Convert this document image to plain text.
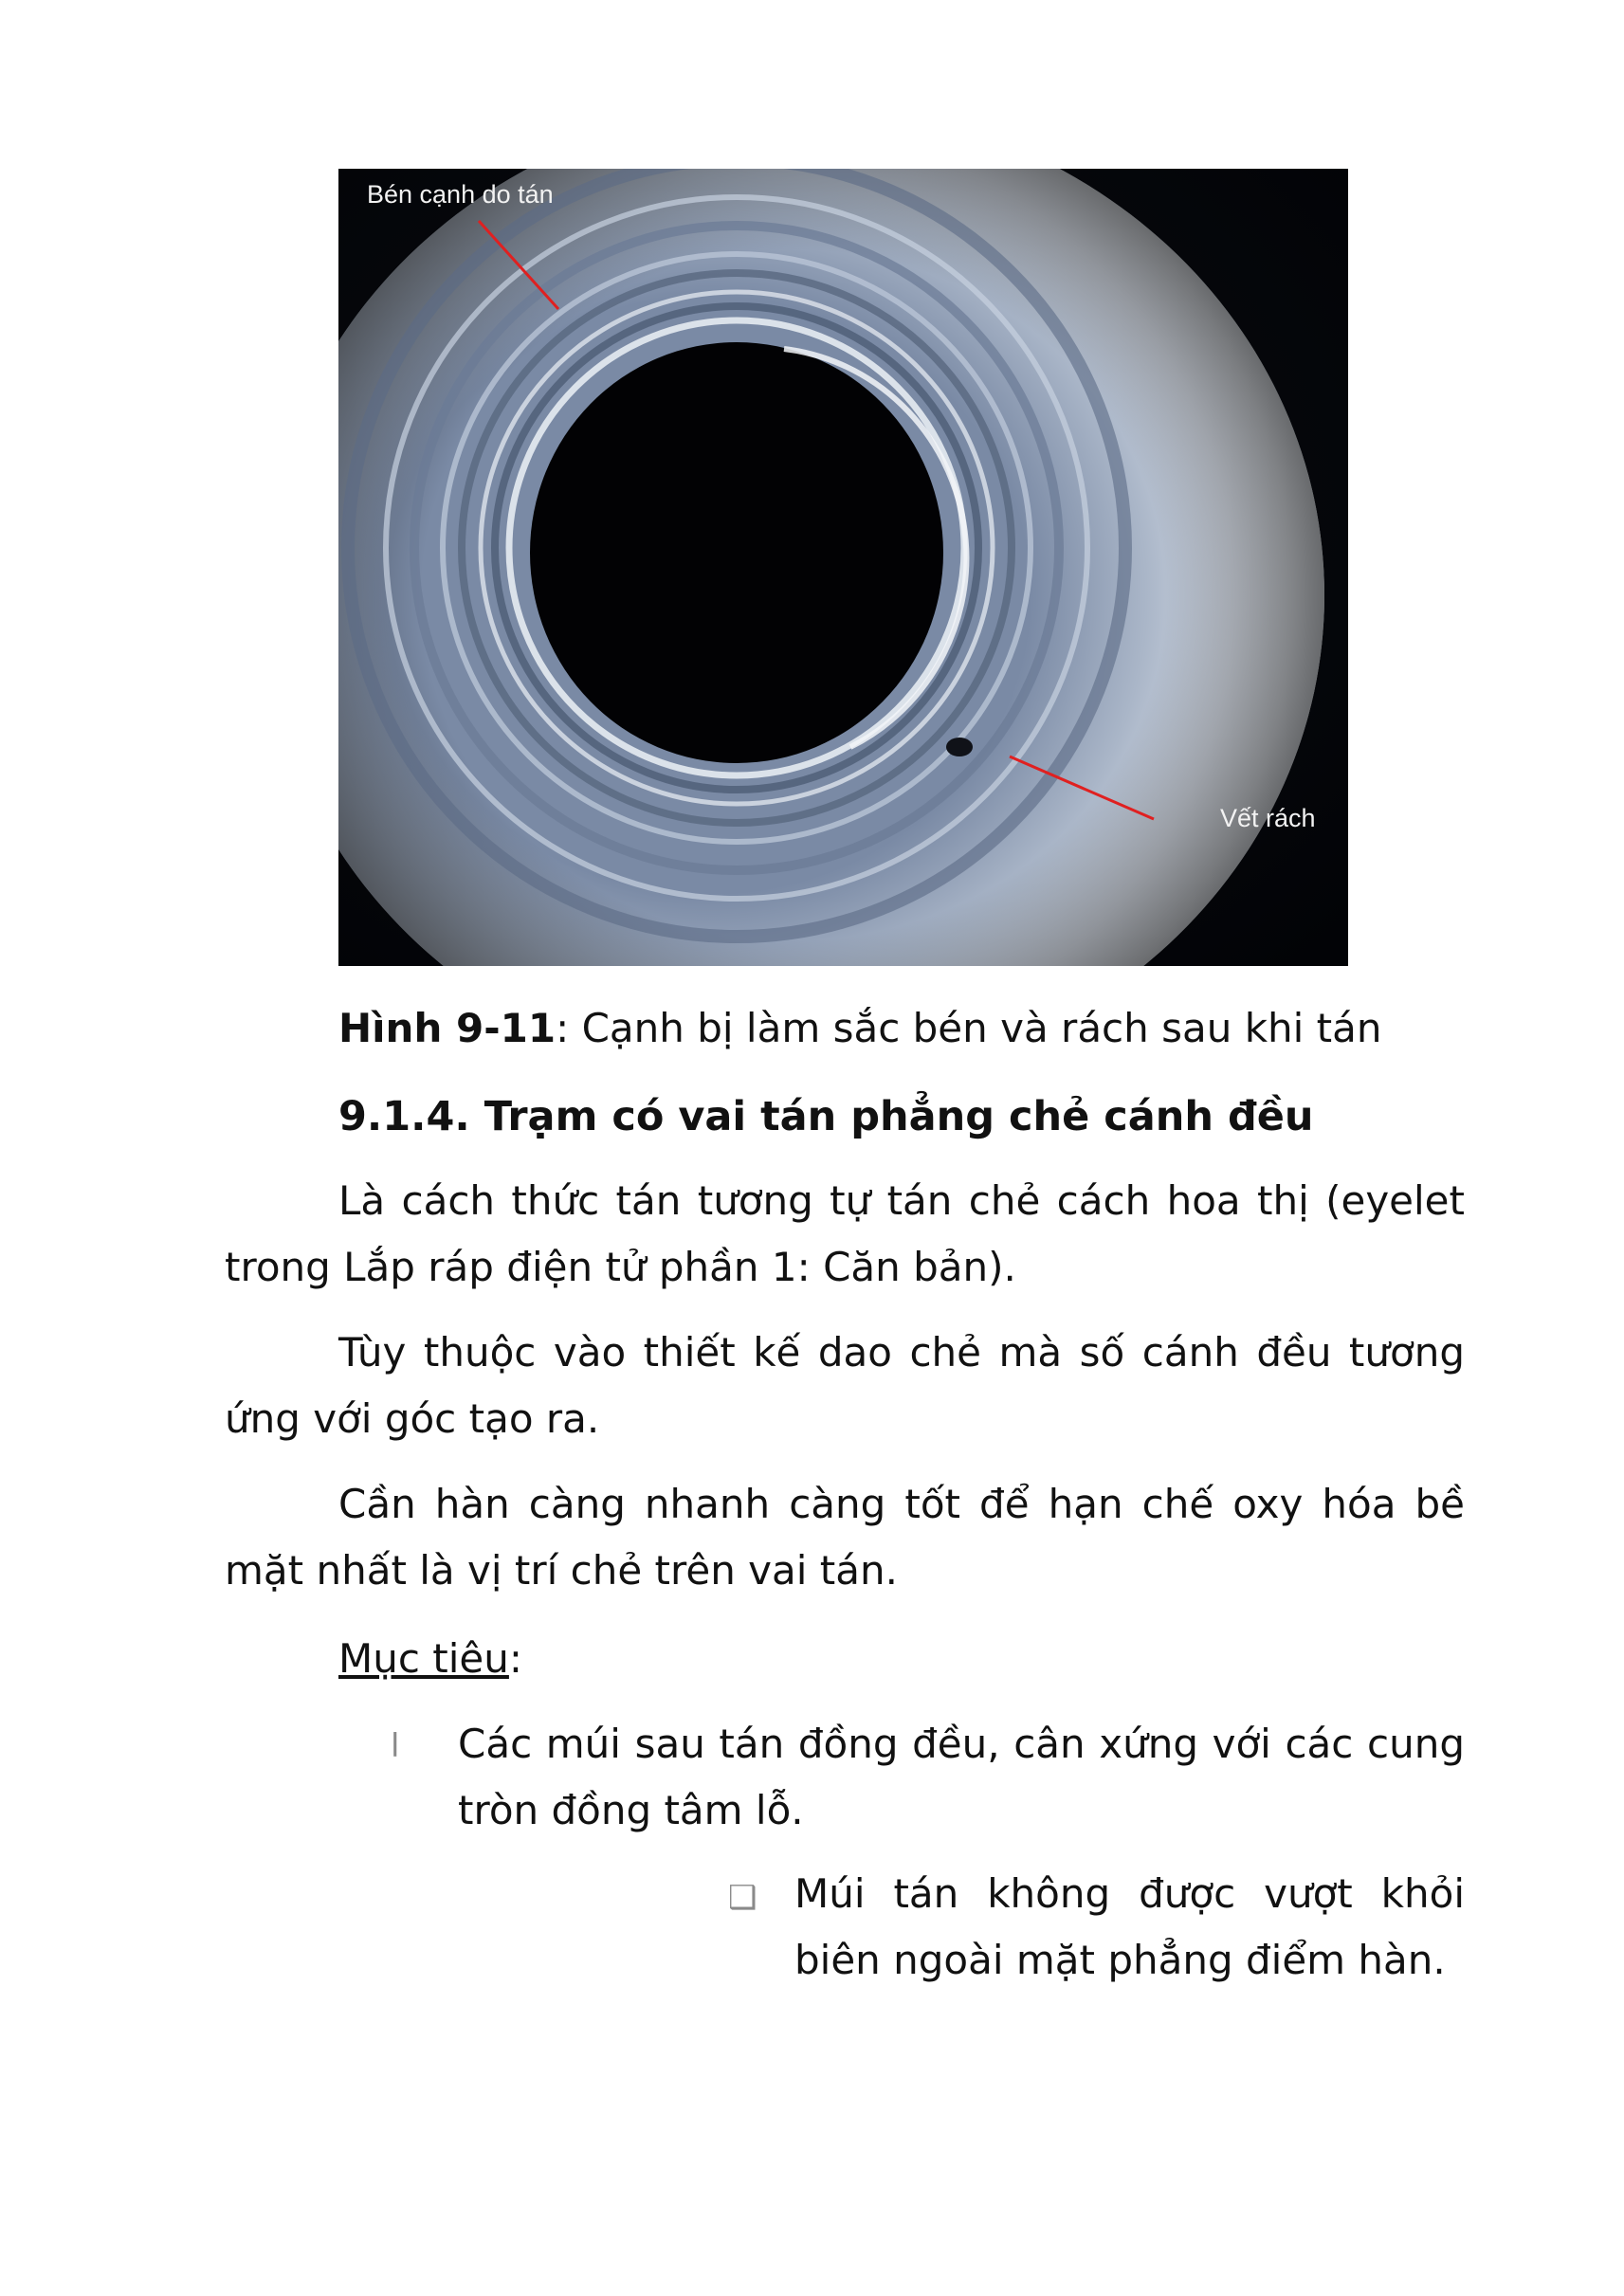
Bén cạnh do tán
Vết rách
Hình 9-11: Cạnh bị làm sắc bén và rách sau khi tán
9.1.4. Trạm có vai tán phẳng chẻ cánh đều

Là cách thức tán tương tự tán chẻ cách hoa thị (eyelet trong Lắp ráp điện tử phần 1: Căn bản).

Tùy thuộc vào thiết kế dao chẻ mà số cánh đều tương ứng với góc tạo ra.

Cần hàn càng nhanh càng tốt để hạn chế oxy hóa bề mặt nhất là vị trí chẻ trên vai tán.

Mục tiêu:
l Các múi sau tán đồng đều, cân xứng với các cung tròn đồng tâm lỗ.

❑ Múi tán không được vượt khỏi biên ngoài mặt phẳng điểm hàn.
